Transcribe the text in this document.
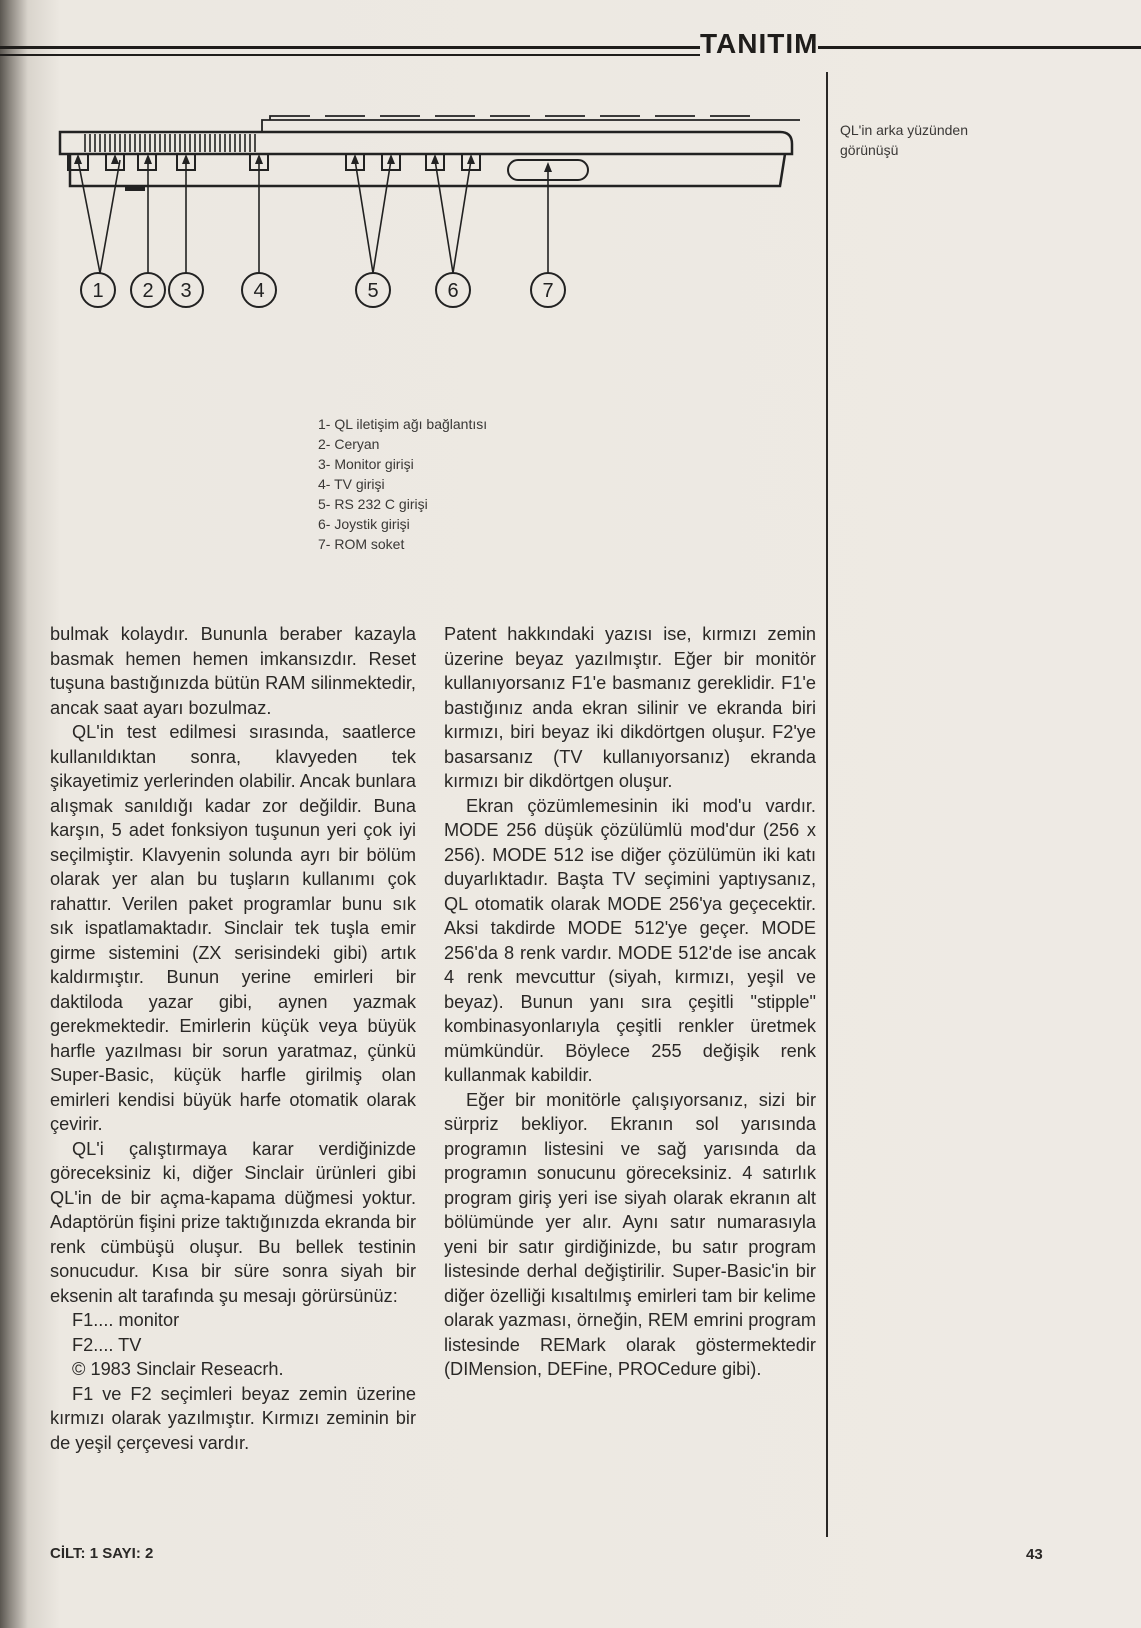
TANITIM
1 2 3	4	5	6	7
QL'in arka yüzünden görünüşü
1- QL iletişim ağı bağlantısı
2- Ceryan
3- Monitor girişi
4- TV girişi
5- RS 232 C girişi
6- Joystik girişi
7- ROM soket

bulmak kolaydır. Bununla beraber kazayla basmak hemen hemen imkansızdır. Reset tuşuna bastığınızda bütün RAM silinmektedir, ancak saat ayarı bozulmaz.

QL'in test edilmesi sırasında, saatlerce kullanıldıktan sonra, klavyeden tek şikayetimiz yerlerinden olabilir. Ancak bunlara alışmak sanıldığı kadar zor değildir. Buna karşın, 5 adet fonksiyon tuşunun yeri çok iyi seçilmiştir. Klavyenin solunda ayrı bir bölüm olarak yer alan bu tuşların kullanımı çok rahattır. Verilen paket programlar bunu sık sık ispatlamaktadır. Sinclair tek tuşla emir girme sistemini (ZX serisindeki gibi) artık kaldırmıştır. Bunun yerine emirleri bir daktiloda yazar gibi, aynen yazmak gerekmektedir. Emirlerin küçük veya büyük harfle yazılması bir sorun yaratmaz, çünkü Super-Basic, küçük harfle girilmiş olan emirleri kendisi büyük harfe otomatik olarak çevirir.

QL'i çalıştırmaya karar verdiğinizde göreceksiniz ki, diğer Sinclair ürünleri gibi QL'in de bir açma-kapama düğmesi yoktur. Adaptörün fişini prize taktığınızda ekranda bir renk cümbüşü oluşur. Bu bellek testinin sonucudur. Kısa bir süre sonra siyah bir eksenin alt tarafında şu mesajı görürsünüz:

F1.... monitor
F2.... TV
© 1983 Sinclair Reseacrh.

F1 ve F2 seçimleri beyaz zemin üzerine kırmızı olarak yazılmıştır. Kırmızı zeminin bir de yeşil çerçevesi vardır.

Patent hakkındaki yazısı ise, kırmızı zemin üzerine beyaz yazılmıştır. Eğer bir monitör kullanıyorsanız F1'e basmanız gereklidir. F1'e bastığınız anda ekran silinir ve ekranda biri kırmızı, biri beyaz iki dikdörtgen oluşur. F2'ye basarsanız (TV kullanıyorsanız) ekranda kırmızı bir dikdörtgen oluşur.

Ekran çözümlemesinin iki mod'u vardır. MODE 256 düşük çözülümlü mod'dur (256 x 256). MODE 512 ise diğer çözülümün iki katı duyarlıktadır. Başta TV seçimini yaptıysanız, QL otomatik olarak MODE 256'ya geçecektir. Aksi takdirde MODE 512'ye geçer. MODE 256'da 8 renk vardır. MODE 512'de ise ancak 4 renk mevcuttur (siyah, kırmızı, yeşil ve beyaz). Bunun yanı sıra çeşitli "stipple" kombinasyonlarıyla çeşitli renkler üretmek mümkündür. Böylece 255 değişik renk kullanmak kabildir.

Eğer bir monitörle çalışıyorsanız, sizi bir sürpriz bekliyor. Ekranın sol yarısında programın listesini ve sağ yarısında da programın sonucunu göreceksiniz. 4 satırlık program giriş yeri ise siyah olarak ekranın alt bölümünde yer alır. Aynı satır numarasıyla yeni bir satır girdiğinizde, bu satır program listesinde derhal değiştirilir. Super-Basic'in bir diğer özelliği kısaltılmış emirleri tam bir kelime olarak yazması, örneğin, REM emrini program listesinde REMark olarak göstermektedir (DIMension, DEFine, PROCedure gibi).

CİLT: 1 SAYI: 2	43
